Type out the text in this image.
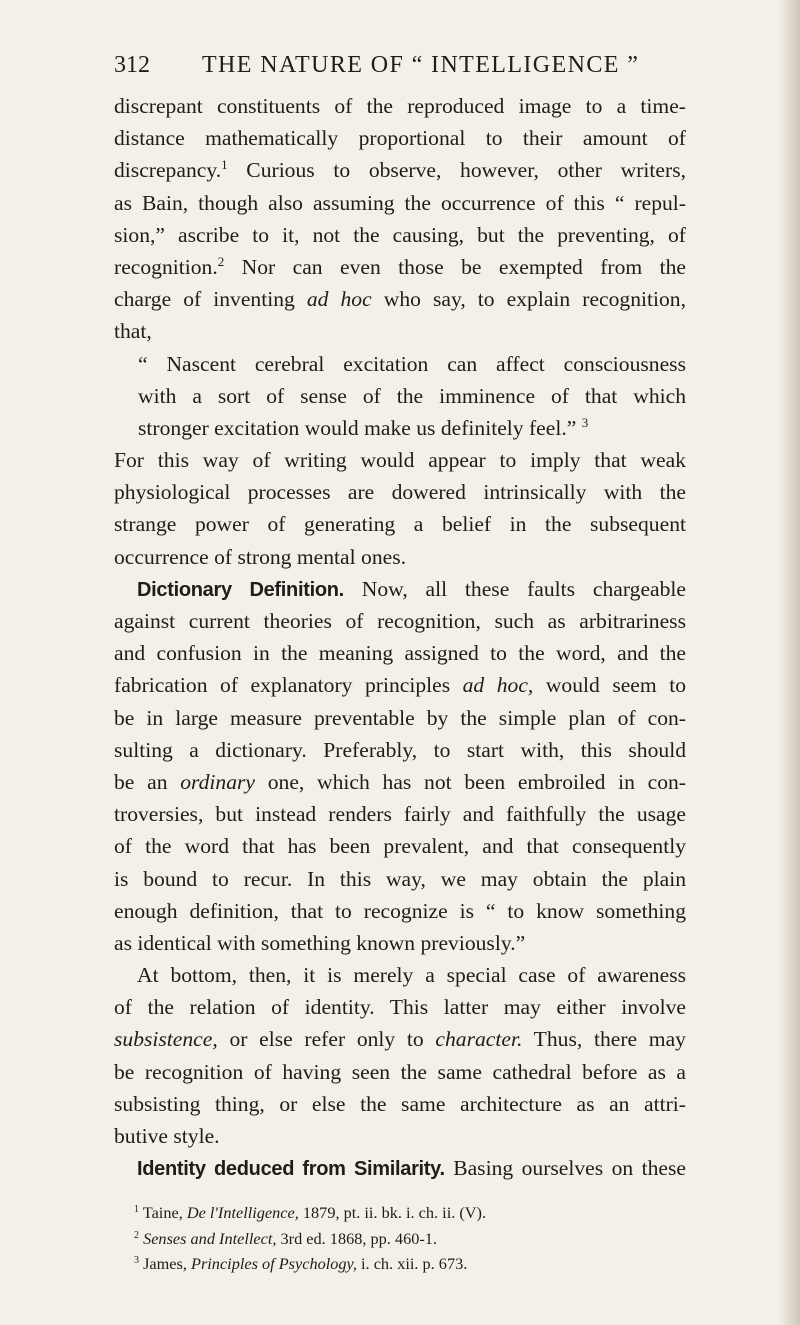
312 THE NATURE OF “ INTELLIGENCE ”
discrepant constituents of the reproduced image to a time-
distance mathematically proportional to their amount of
discrepancy.$^1$ Curious to observe, however, other writers,
as Bain, though also assuming the occurrence of this “ repul-
sion,” ascribe to it, not the causing, but the preventing, of
recognition.$^2$ Nor can even those be exempted from the
charge of inventing ad hoc who say, to explain recognition,
that,
“ Nascent cerebral excitation can affect consciousness
with a sort of sense of the imminence of that which
stronger excitation would make us definitely feel.” $^3$
For this way of writing would appear to imply that weak
physiological processes are dowered intrinsically with the
strange power of generating a belief in the subsequent
occurrence of strong mental ones.
Dictionary Definition. Now, all these faults chargeable
against current theories of recognition, such as arbitrariness
and confusion in the meaning assigned to the word, and the
fabrication of explanatory principles ad hoc, would seem to
be in large measure preventable by the simple plan of con-
sulting a dictionary. Preferably, to start with, this should
be an ordinary one, which has not been embroiled in con-
troversies, but instead renders fairly and faithfully the usage
of the word that has been prevalent, and that consequently
is bound to recur. In this way, we may obtain the plain
enough definition, that to recognize is “ to know something
as identical with something known previously.”
At bottom, then, it is merely a special case of awareness
of the relation of identity. This latter may either involve
subsistence, or else refer only to character. Thus, there may
be recognition of having seen the same cathedral before as a
subsisting thing, or else the same architecture as an attri-
butive style.
Identity deduced from Similarity. Basing ourselves on these
$^1$ Taine, De l'Intelligence, 1879, pt. ii. bk. i. ch. ii. (V).
$^2$ Senses and Intellect, 3rd ed. 1868, pp. 460-1.
$^3$ James, Principles of Psychology, i. ch. xii. p. 673.
